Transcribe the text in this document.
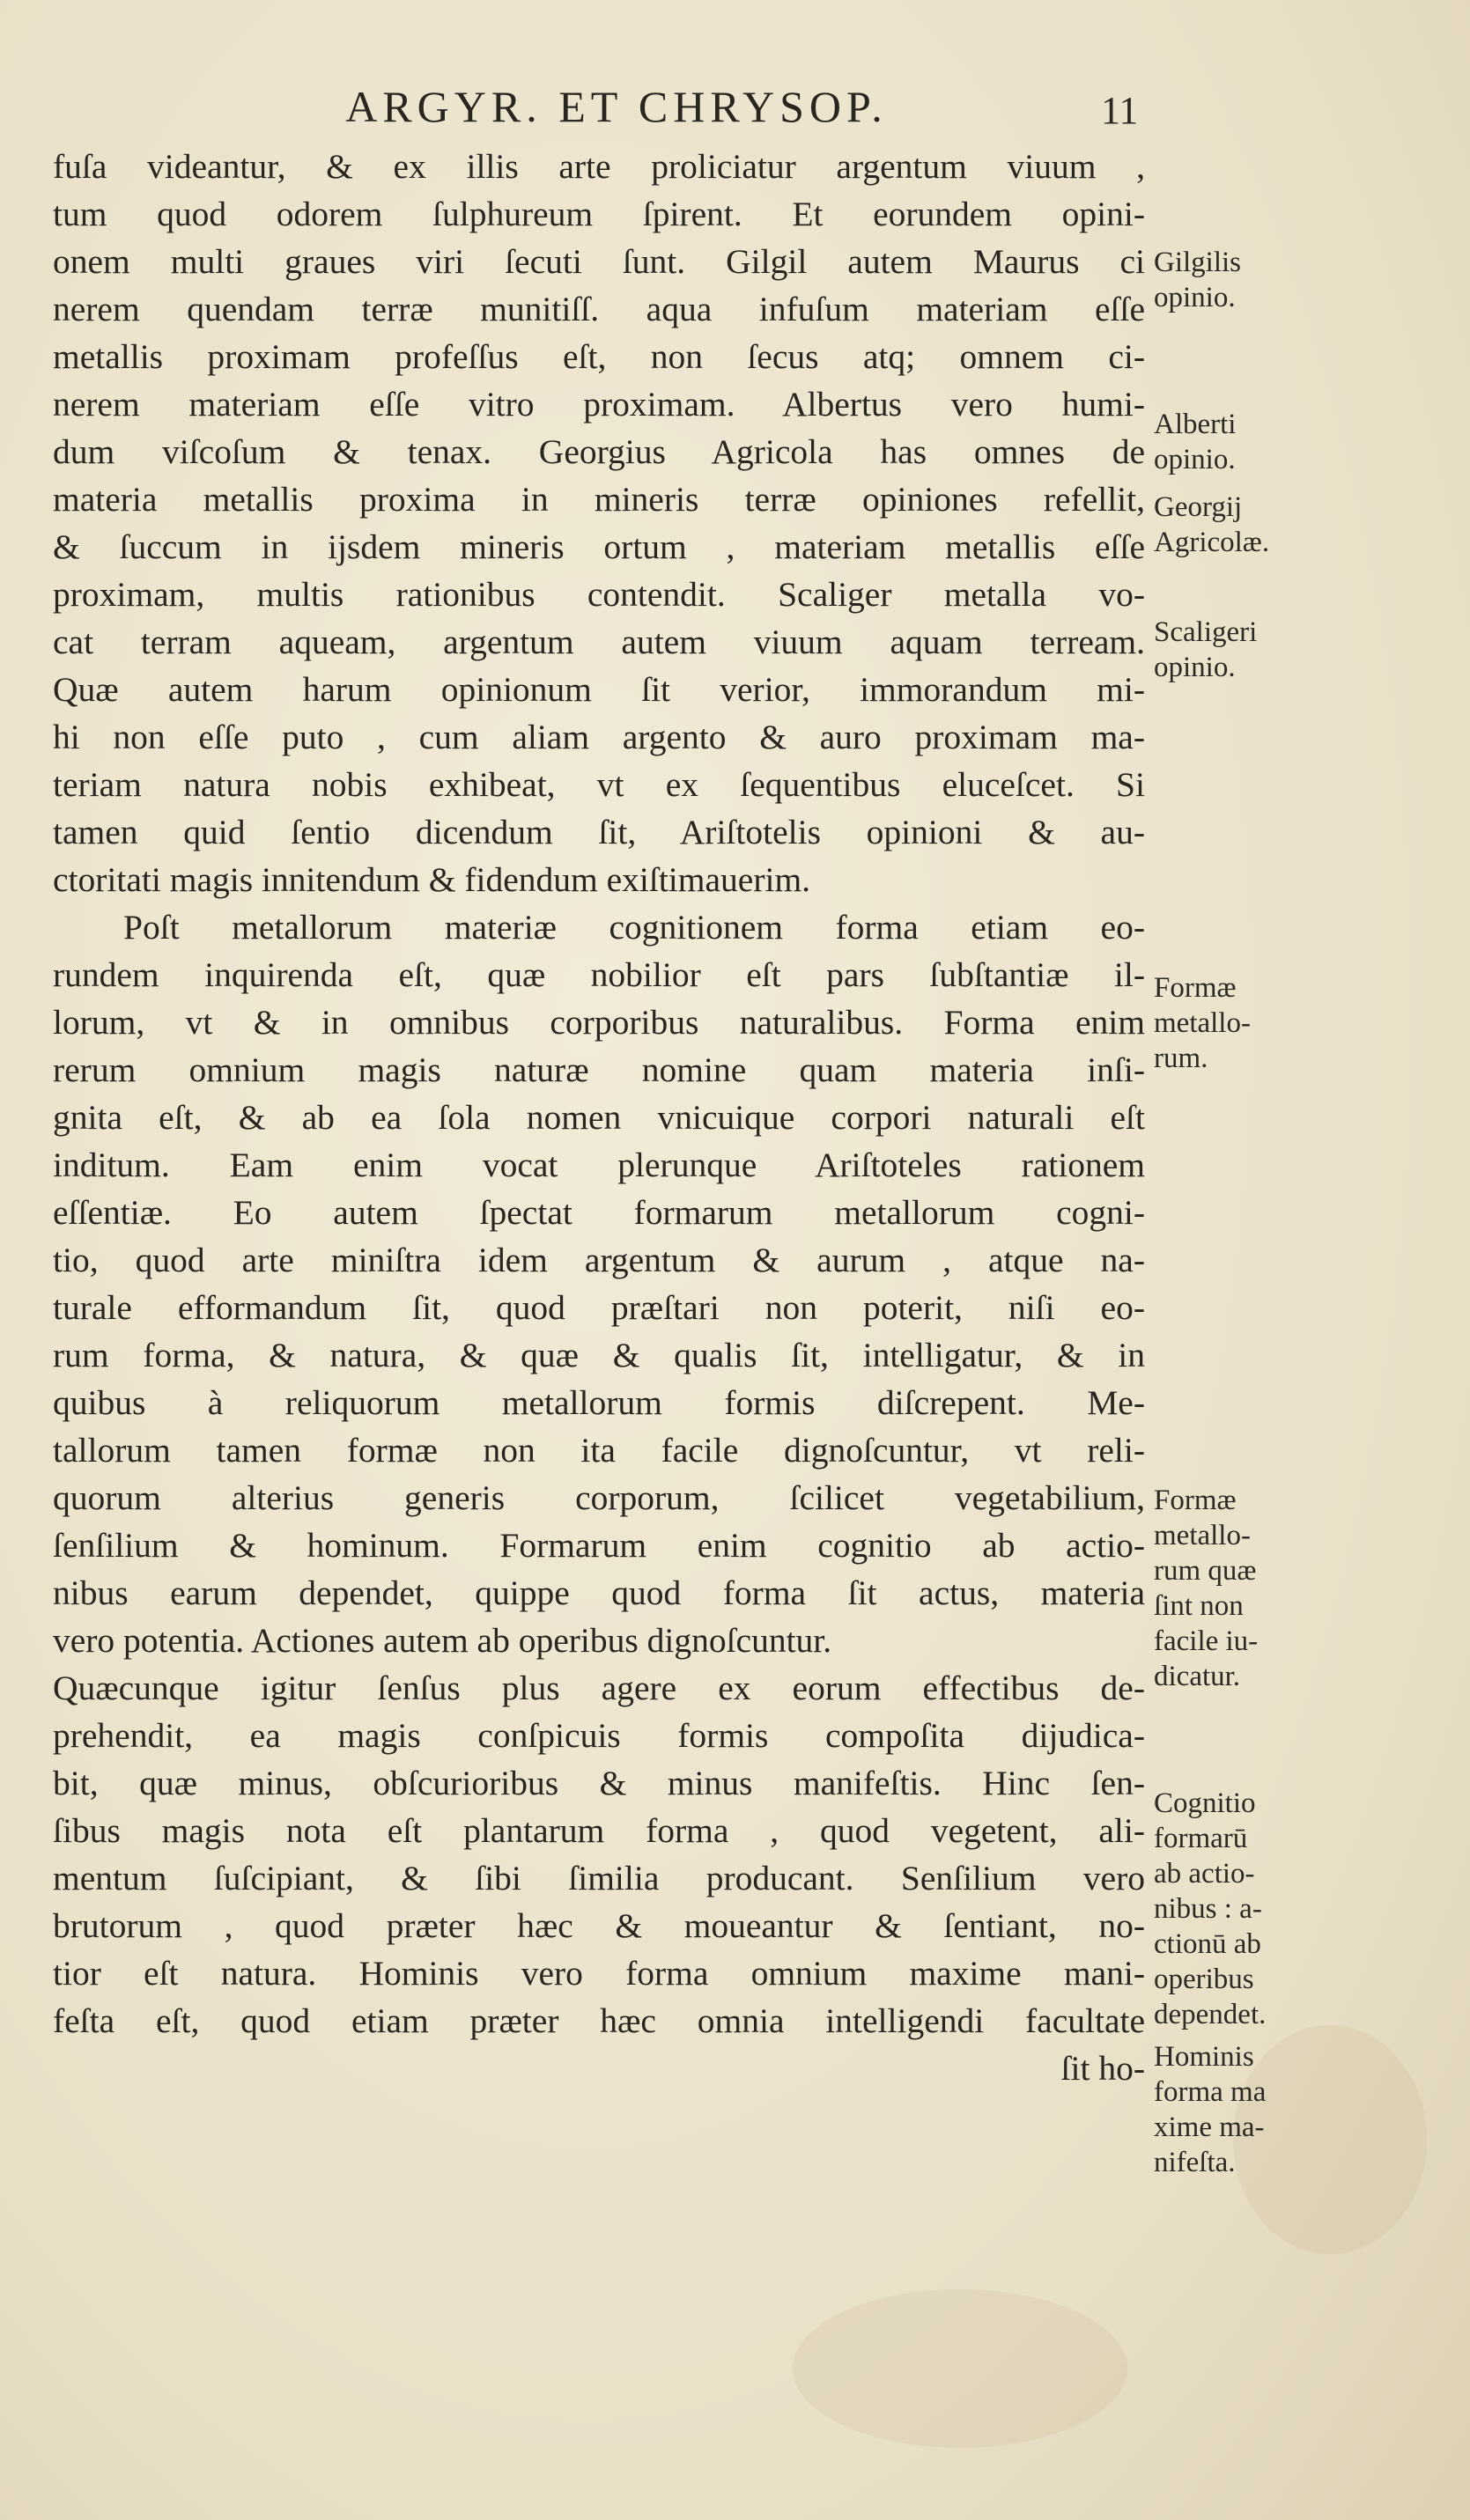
ARGYR. ET CHRYSOP.	11
fuſa videantur, & ex illis arte proliciatur argentum viuum ,
tum quod odorem ſulphureum ſpirent. Et eorundem opini-
onem multi graues viri ſecuti ſunt. Gilgil autem Maurus ci
nerem quendam terræ munitiſſ. aqua infuſum materiam eſſe
metallis proximam profeſſus eſt, non ſecus atq; omnem ci-
nerem materiam eſſe vitro proximam. Albertus vero humi-
dum viſcoſum & tenax. Georgius Agricola has omnes de
materia metallis proxima in mineris terræ opiniones refellit,
& ſuccum in ijsdem mineris ortum , materiam metallis eſſe
proximam, multis rationibus contendit. Scaliger metalla vo-
cat terram aqueam, argentum autem viuum aquam terream.
Quæ autem harum opinionum ſit verior, immorandum mi-
hi non eſſe puto , cum aliam argento & auro proximam ma-
teriam natura nobis exhibeat, vt ex ſequentibus eluceſcet. Si
tamen quid ſentio dicendum ſit, Ariſtotelis opinioni & au-
ctoritati magis innitendum & fidendum exiſtimauerim.
Poſt metallorum materiæ cognitionem forma etiam eo-
rundem inquirenda eſt, quæ nobilior eſt pars ſubſtantiæ il-
lorum, vt & in omnibus corporibus naturalibus. Forma enim
rerum omnium magis naturæ nomine quam materia inſi-
gnita eſt, & ab ea ſola nomen vnicuique corpori naturali eſt
inditum. Eam enim vocat plerunque Ariſtoteles rationem
eſſentiæ. Eo autem ſpectat formarum metallorum cogni-
tio, quod arte miniſtra idem argentum & aurum , atque na-
turale efformandum ſit, quod præſtari non poterit, niſi eo-
rum forma, & natura, & quæ & qualis ſit, intelligatur, & in
quibus à reliquorum metallorum formis diſcrepent. Me-
tallorum tamen formæ non ita facile dignoſcuntur, vt reli-
quorum alterius generis corporum, ſcilicet vegetabilium,
ſenſilium & hominum. Formarum enim cognitio ab actio-
nibus earum dependet, quippe quod forma ſit actus, materia
vero potentia. Actiones autem ab operibus dignoſcuntur.
Quæcunque igitur ſenſus plus agere ex eorum effectibus de-
prehendit, ea magis conſpicuis formis compoſita dijudica-
bit, quæ minus, obſcurioribus & minus manifeſtis. Hinc ſen-
ſibus magis nota eſt plantarum forma , quod vegetent, ali-
mentum ſuſcipiant, & ſibi ſimilia producant. Senſilium vero
brutorum , quod præter hæc & moueantur & ſentiant, no-
tior eſt natura. Hominis vero forma omnium maxime mani-
feſta eſt, quod etiam præter hæc omnia intelligendi facultate
ſit ho-
Gilgilis
opinio.
Alberti
opinio.
Georgij
Agricolæ.
Scaligeri
opinio.
Formæ
metallo-
rum.
Formæ
metallo-
rum quæ
ſint non
facile iu-
dicatur.
Cognitio
formarū
ab actio-
nibus : a-
ctionū ab
operibus
dependet.
Hominis
forma ma
xime ma-
nifeſta.
